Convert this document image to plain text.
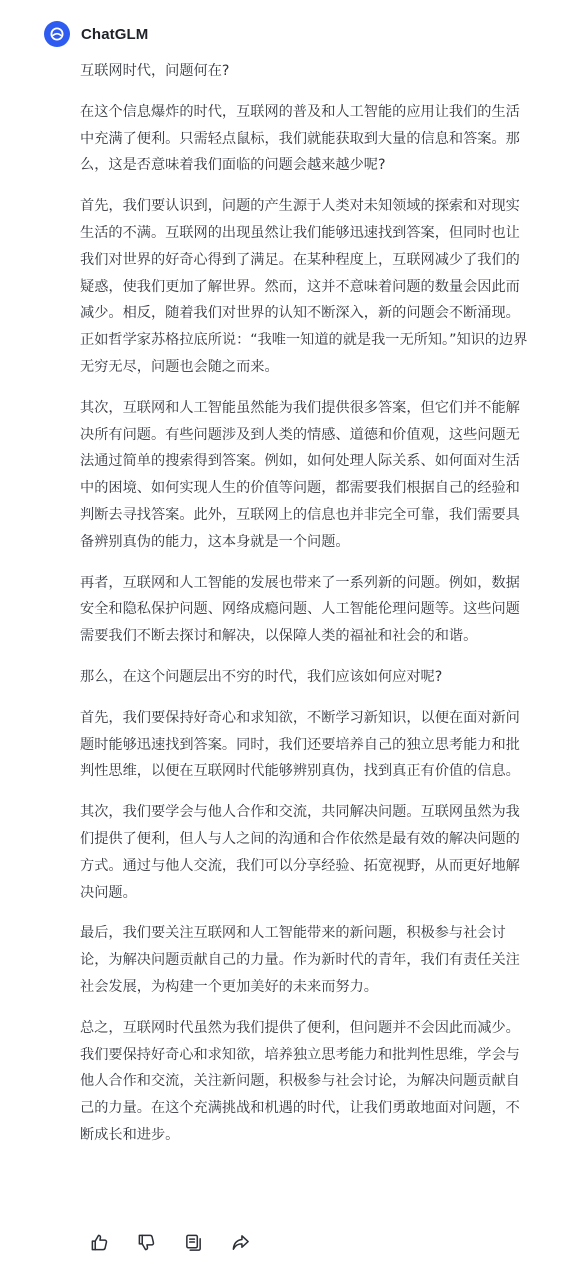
ChatGLM

互联网时代，问题何在?

在这个信息爆炸的时代，互联网的普及和人工智能的应用让我们的生活中充满了便利。只需轻点鼠标，我们就能获取到大量的信息和答案。那么，这是否意味着我们面临的问题会越来越少呢?

首先，我们要认识到，问题的产生源于人类对未知领域的探索和对现实生活的不满。互联网的出现虽然让我们能够迅速找到答案，但同时也让我们对世界的好奇心得到了满足。在某种程度上，互联网减少了我们的疑惑，使我们更加了解世界。然而，这并不意味着问题的数量会因此而减少。相反，随着我们对世界的认知不断深入，新的问题会不断涌现。正如哲学家苏格拉底所说：“我唯一知道的就是我一无所知。”知识的边界无穷无尽，问题也会随之而来。

其次，互联网和人工智能虽然能为我们提供很多答案，但它们并不能解决所有问题。有些问题涉及到人类的情感、道德和价值观，这些问题无法通过简单的搜索得到答案。例如，如何处理人际关系、如何面对生活中的困境、如何实现人生的价值等问题，都需要我们根据自己的经验和判断去寻找答案。此外，互联网上的信息也并非完全可靠，我们需要具备辨别真伪的能力，这本身就是一个问题。

再者，互联网和人工智能的发展也带来了一系列新的问题。例如，数据安全和隐私保护问题、网络成瘾问题、人工智能伦理问题等。这些问题需要我们不断去探讨和解决，以保障人类的福祉和社会的和谐。

那么，在这个问题层出不穷的时代，我们应该如何应对呢?

首先，我们要保持好奇心和求知欲，不断学习新知识，以便在面对新问题时能够迅速找到答案。同时，我们还要培养自己的独立思考能力和批判性思维，以便在互联网时代能够辨别真伪，找到真正有价值的信息。

其次，我们要学会与他人合作和交流，共同解决问题。互联网虽然为我们提供了便利，但人与人之间的沟通和合作依然是最有效的解决问题的方式。通过与他人交流，我们可以分享经验、拓宽视野，从而更好地解决问题。

最后，我们要关注互联网和人工智能带来的新问题，积极参与社会讨论，为解决问题贡献自己的力量。作为新时代的青年，我们有责任关注社会发展，为构建一个更加美好的未来而努力。

总之，互联网时代虽然为我们提供了便利，但问题并不会因此而减少。我们要保持好奇心和求知欲，培养独立思考能力和批判性思维，学会与他人合作和交流，关注新问题，积极参与社会讨论，为解决问题贡献自己的力量。在这个充满挑战和机遇的时代，让我们勇敢地面对问题，不断成长和进步。
